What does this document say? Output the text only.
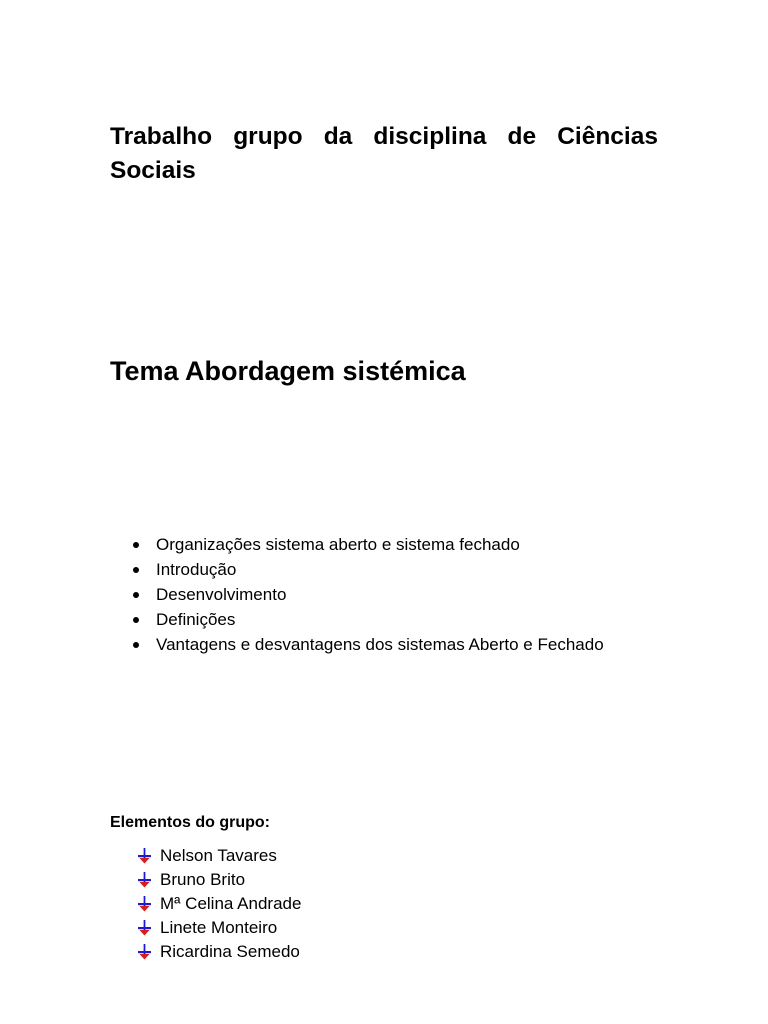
Trabalho grupo da disciplina de Ciências Sociais
Tema Abordagem sistémica
Organizações sistema aberto e sistema fechado
Introdução
Desenvolvimento
Definições
Vantagens e desvantagens dos sistemas Aberto e Fechado
Elementos do grupo:
Nelson Tavares
Bruno Brito
Mª Celina Andrade
Linete Monteiro
Ricardina Semedo
